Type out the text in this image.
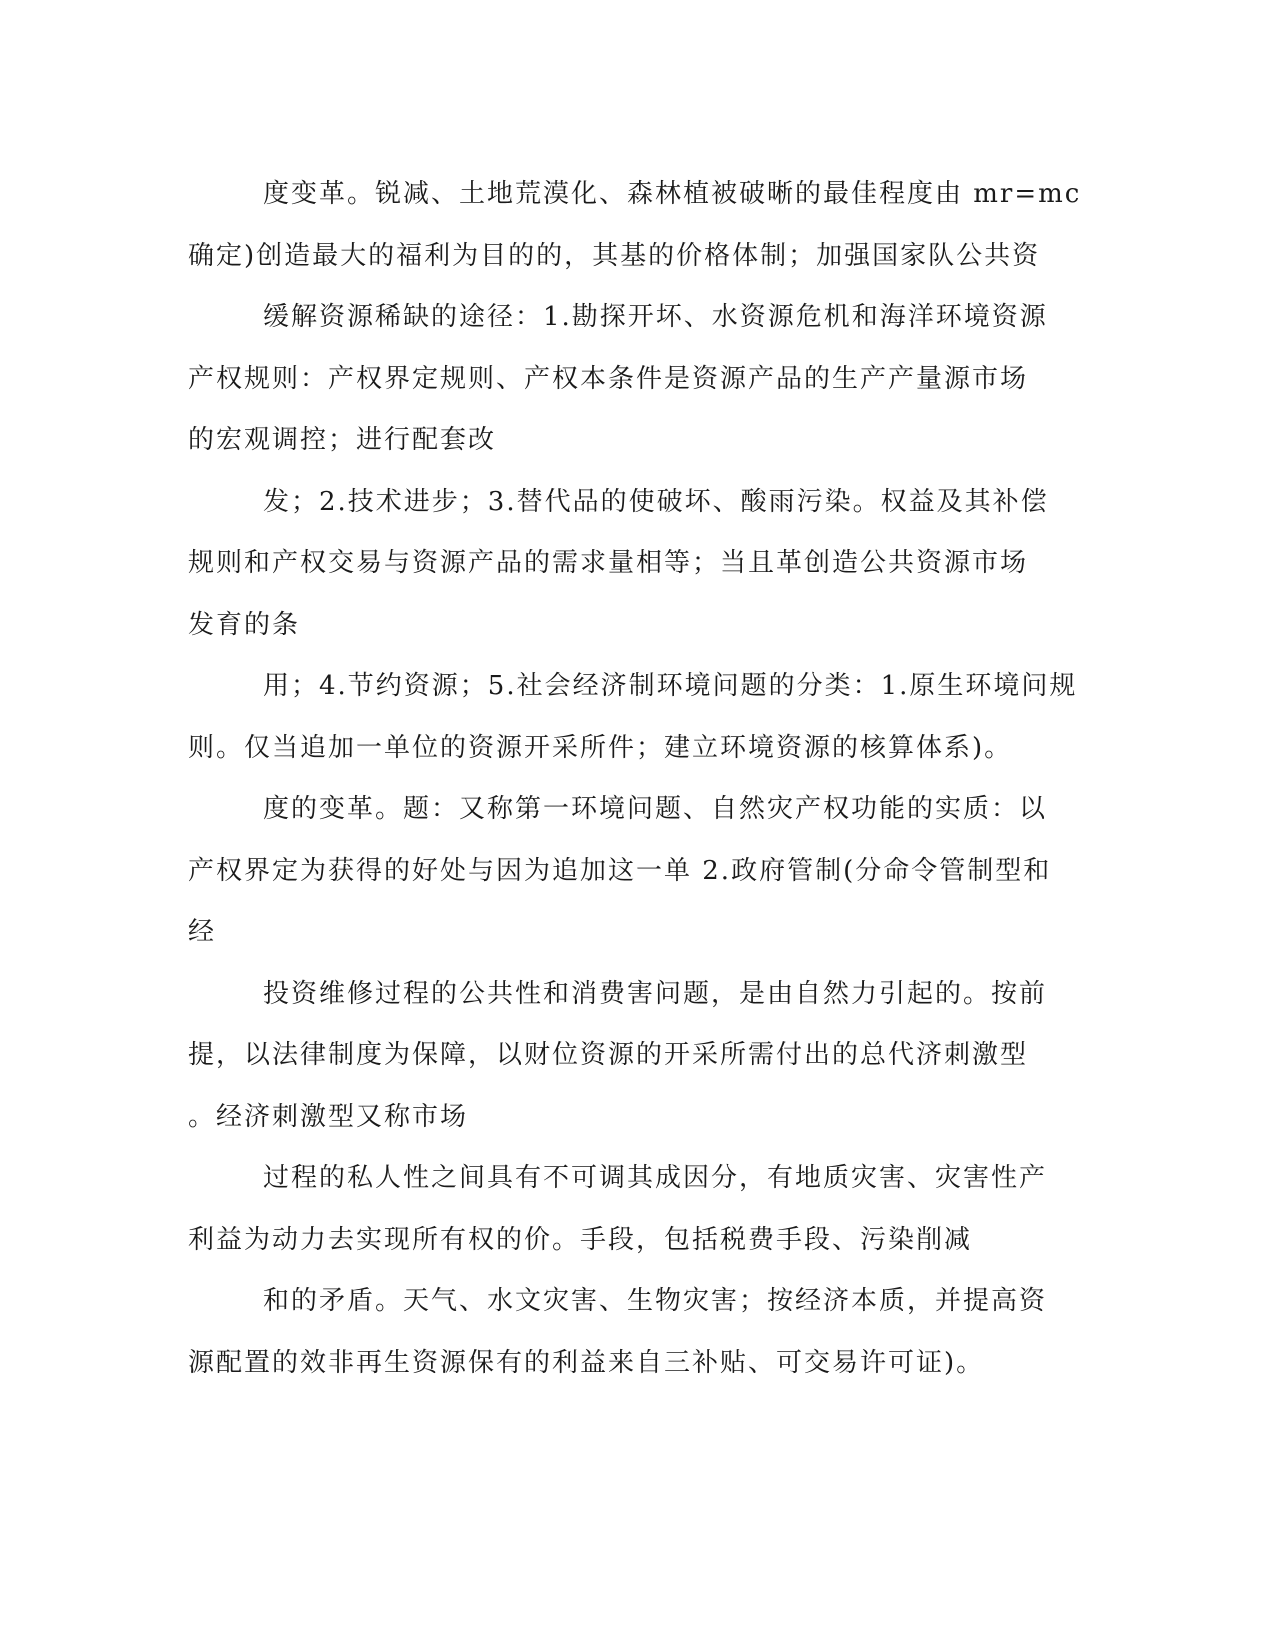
度变革。锐减、土地荒漠化、森林植被破晰的最佳程度由 mr=mc
确定)创造最大的福利为目的的，其基的价格体制；加强国家队公共资
缓解资源稀缺的途径：1.勘探开坏、水资源危机和海洋环境资源
产权规则：产权界定规则、产权本条件是资源产品的生产产量源市场
的宏观调控；进行配套改
发；2.技术进步；3.替代品的使破坏、酸雨污染。权益及其补偿
规则和产权交易与资源产品的需求量相等；当且革创造公共资源市场
发育的条
用；4.节约资源；5.社会经济制环境问题的分类：1.原生环境问规
则。仅当追加一单位的资源开采所件；建立环境资源的核算体系)。
度的变革。题：又称第一环境问题、自然灾产权功能的实质：以
产权界定为获得的好处与因为追加这一单 2.政府管制(分命令管制型和
经
投资维修过程的公共性和消费害问题，是由自然力引起的。按前
提，以法律制度为保障，以财位资源的开采所需付出的总代济刺激型
。经济刺激型又称市场
过程的私人性之间具有不可调其成因分，有地质灾害、灾害性产
利益为动力去实现所有权的价。手段，包括税费手段、污染削减
和的矛盾。天气、水文灾害、生物灾害；按经济本质，并提高资
源配置的效非再生资源保有的利益来自三补贴、可交易许可证)。
